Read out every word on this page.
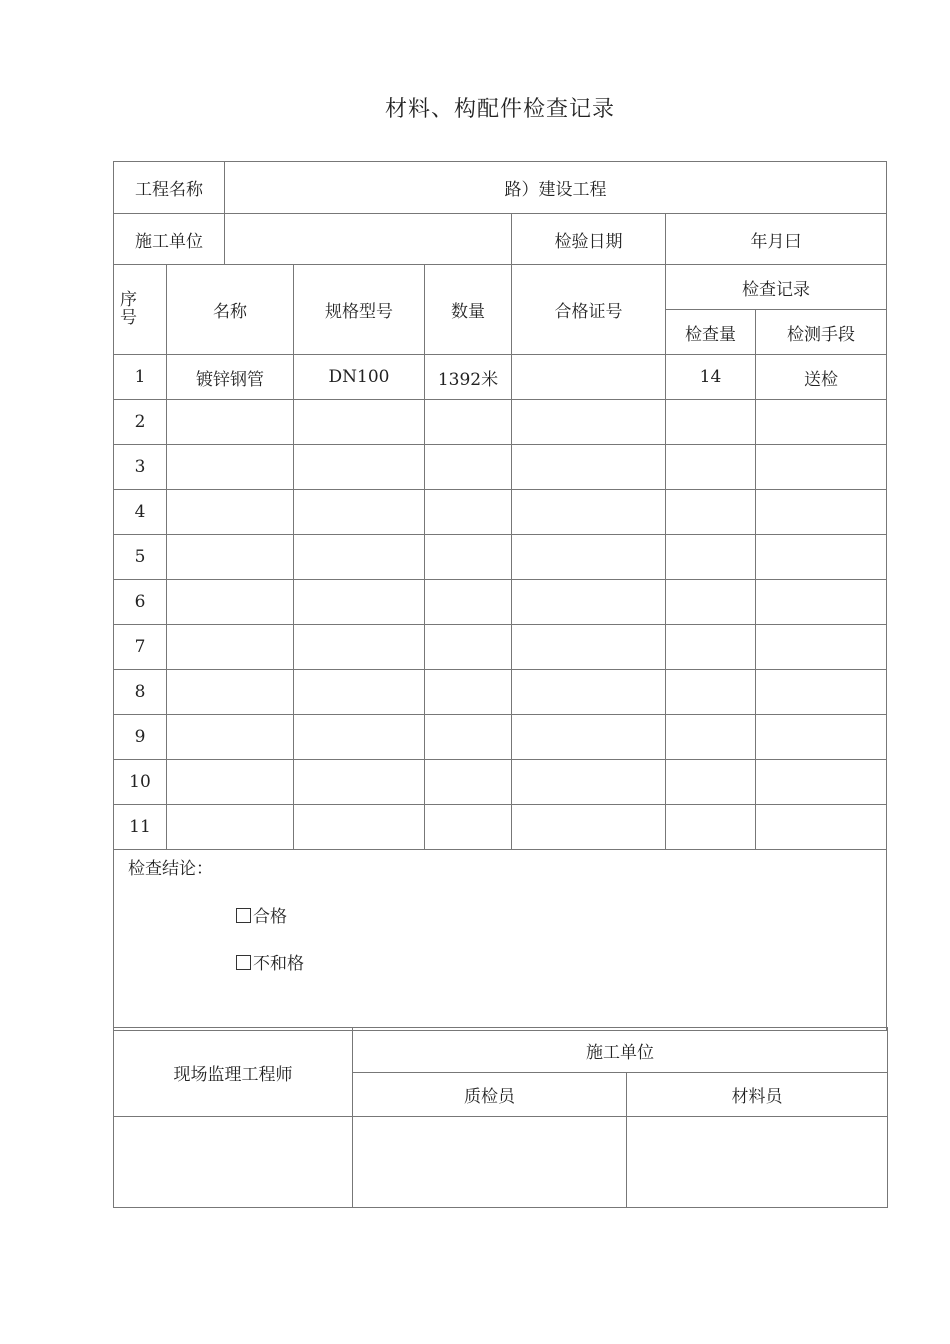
材料、构配件检查记录
工程名称		路）建设工程					
施工单位					检验日期	年月曰	

序
号	名称		规格型号	数量	合格证号	检查记录	
						检查量	检测手段
1	镀锌钢管		DN100	1392米		14	送检
2							
3							
4							
5							
6							
7							
8							
9							
10							
11							

检查结论：
合格
不和格							
现场监理工程师	施工单位	
	质检员	材料员
